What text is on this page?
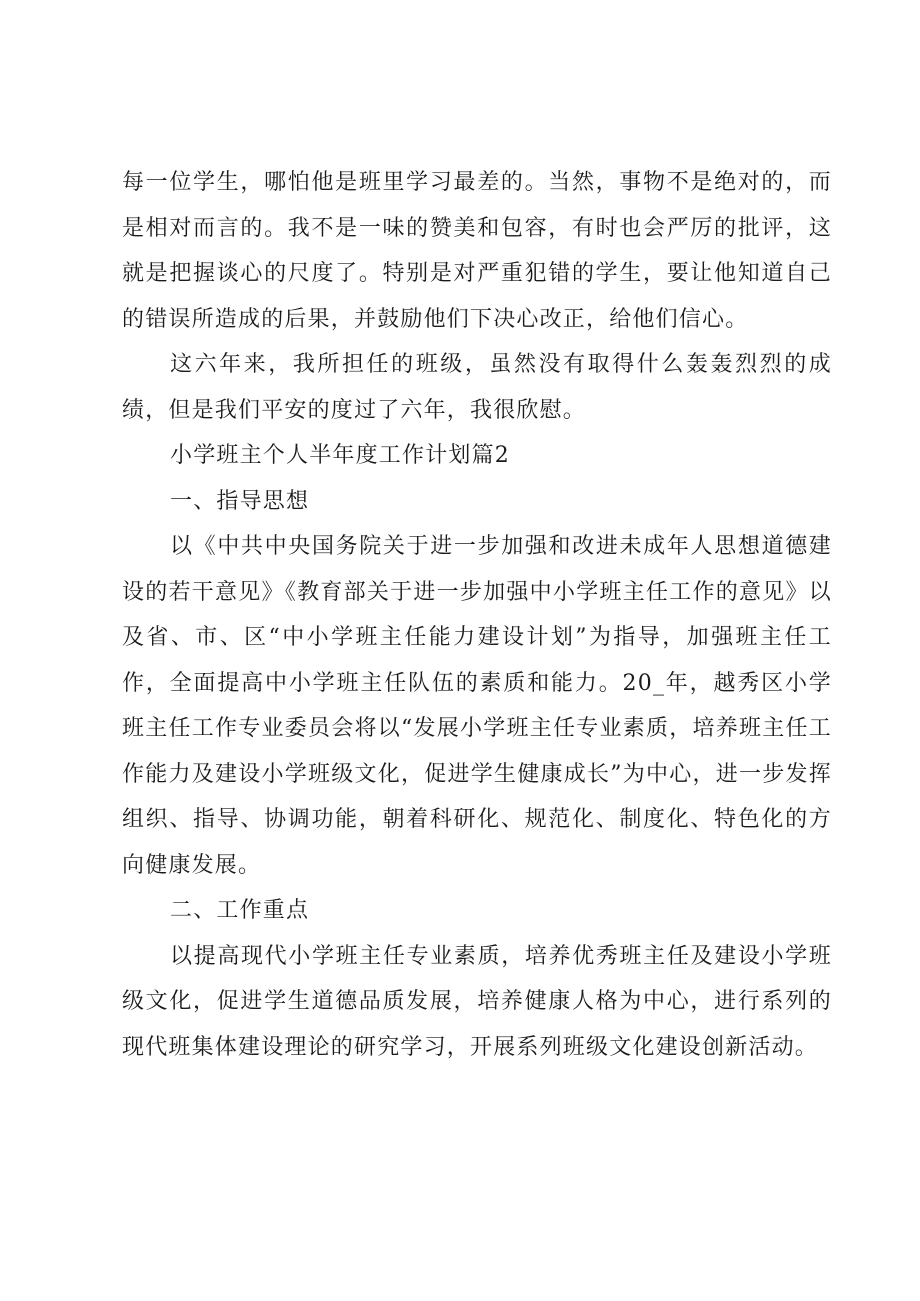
每一位学生，哪怕他是班里学习最差的。当然，事物不是绝对的，而是相对而言的。我不是一味的赞美和包容，有时也会严厉的批评，这就是把握谈心的尺度了。特别是对严重犯错的学生，要让他知道自己的错误所造成的后果，并鼓励他们下决心改正，给他们信心。

这六年来，我所担任的班级，虽然没有取得什么轰轰烈烈的成绩，但是我们平安的度过了六年，我很欣慰。

小学班主个人半年度工作计划篇2

一、指导思想

以《中共中央国务院关于进一步加强和改进未成年人思想道德建设的若干意见》《教育部关于进一步加强中小学班主任工作的意见》以及省、市、区“中小学班主任能力建设计划”为指导，加强班主任工作，全面提高中小学班主任队伍的素质和能力。20_年，越秀区小学班主任工作专业委员会将以“发展小学班主任专业素质，培养班主任工作能力及建设小学班级文化，促进学生健康成长”为中心，进一步发挥组织、指导、协调功能，朝着科研化、规范化、制度化、特色化的方向健康发展。

二、工作重点

以提高现代小学班主任专业素质，培养优秀班主任及建设小学班级文化，促进学生道德品质发展，培养健康人格为中心，进行系列的现代班集体建设理论的研究学习，开展系列班级文化建设创新活动。
